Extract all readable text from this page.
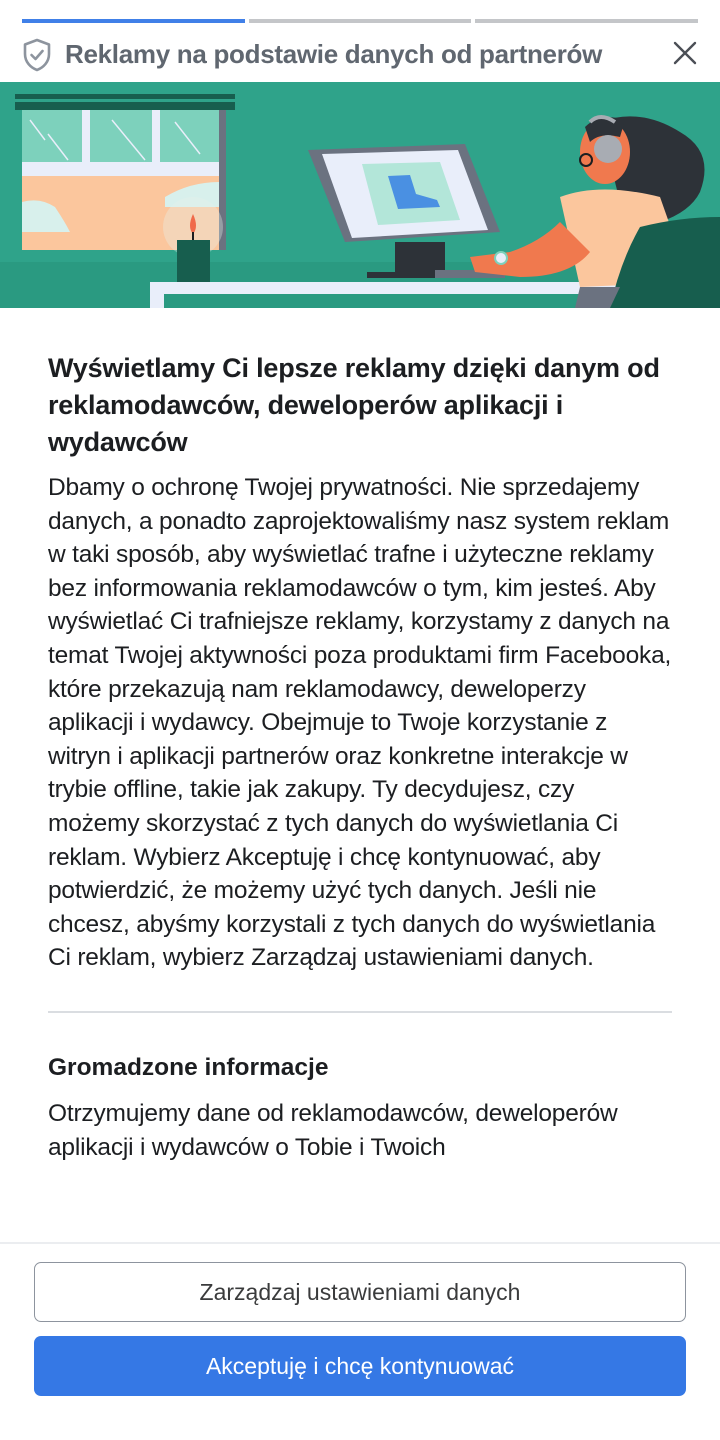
Reklamy na podstawie danych od partnerów
Wyświetlamy Ci lepsze reklamy dzięki danym od reklamodawców, deweloperów aplikacji i wydawców

Dbamy o ochronę Twojej prywatności. Nie sprzedajemy danych, a ponadto zaprojektowaliśmy nasz system reklam w taki sposób, aby wyświetlać trafne i użyteczne reklamy bez informowania reklamodawców o tym, kim jesteś. Aby wyświetlać Ci trafniejsze reklamy, korzystamy z danych na temat Twojej aktywności poza produktami firm Facebooka, które przekazują nam reklamodawcy, deweloperzy aplikacji i wydawcy. Obejmuje to Twoje korzystanie z witryn i aplikacji partnerów oraz konkretne interakcje w trybie offline, takie jak zakupy. Ty decydujesz, czy możemy skorzystać z tych danych do wyświetlania Ci reklam. Wybierz Akceptuję i chcę kontynuować, aby potwierdzić, że możemy użyć tych danych. Jeśli nie chcesz, abyśmy korzystali z tych danych do wyświetlania Ci reklam, wybierz Zarządzaj ustawieniami danych.

Gromadzone informacje

Otrzymujemy dane od reklamodawców, deweloperów aplikacji i wydawców o Tobie i Twoich

Zarządzaj ustawieniami danych
Akceptuję i chcę kontynuować
